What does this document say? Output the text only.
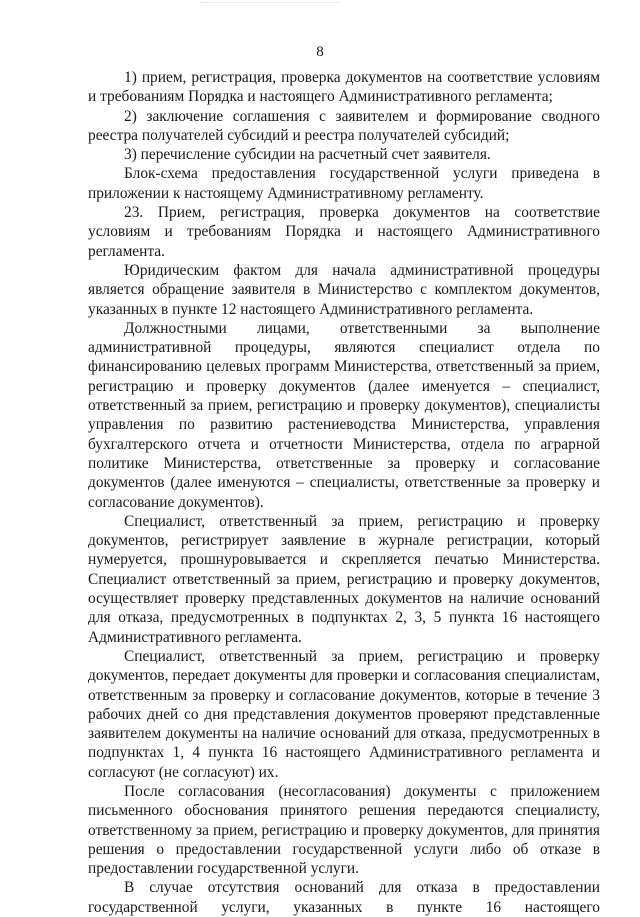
8

1) прием, регистрация, проверка документов на соответствие условиям и требованиям Порядка и настоящего Административного регламента;

2) заключение соглашения с заявителем и формирование сводного реестра получателей субсидий и реестра получателей субсидий;

3) перечисление субсидии на расчетный счет заявителя.

Блок-схема предоставления государственной услуги приведена в приложении к настоящему Административному регламенту.

23. Прием, регистрация, проверка документов на соответствие условиям и требованиям Порядка и настоящего Административного регламента.

Юридическим фактом для начала административной процедуры является обращение заявителя в Министерство с комплектом документов, указанных в пункте 12 настоящего Административного регламента.

Должностными лицами, ответственными за выполнение административной процедуры, являются специалист отдела по финансированию целевых программ Министерства, ответственный за прием, регистрацию и проверку документов (далее именуется – специалист, ответственный за прием, регистрацию и проверку документов), специалисты управления по развитию растениеводства Министерства, управления бухгалтерского отчета и отчетности Министерства, отдела по аграрной политике Министерства, ответственные за проверку и согласование документов (далее именуются – специалисты, ответственные за проверку и согласование документов).

Специалист, ответственный за прием, регистрацию и проверку документов, регистрирует заявление в журнале регистрации, который нумеруется, прошнуровывается и скрепляется печатью Министерства. Специалист ответственный за прием, регистрацию и проверку документов, осуществляет проверку представленных документов на наличие оснований для отказа, предусмотренных в подпунктах 2, 3, 5 пункта 16 настоящего Административного регламента.

Специалист, ответственный за прием, регистрацию и проверку документов, передает документы для проверки и согласования специалистам, ответственным за проверку и согласование документов, которые в течение 3 рабочих дней со дня представления документов проверяют представленные заявителем документы на наличие оснований для отказа, предусмотренных в подпунктах 1, 4 пункта 16 настоящего Административного регламента и согласуют (не согласуют) их.

После согласования (несогласования) документы с приложением письменного обоснования принятого решения передаются специалисту, ответственному за прием, регистрацию и проверку документов, для принятия решения о предоставлении государственной услуги либо об отказе в предоставлении государственной услуги.

В случае отсутствия оснований для отказа в предоставлении государственной услуги, указанных в пункте 16 настоящего
